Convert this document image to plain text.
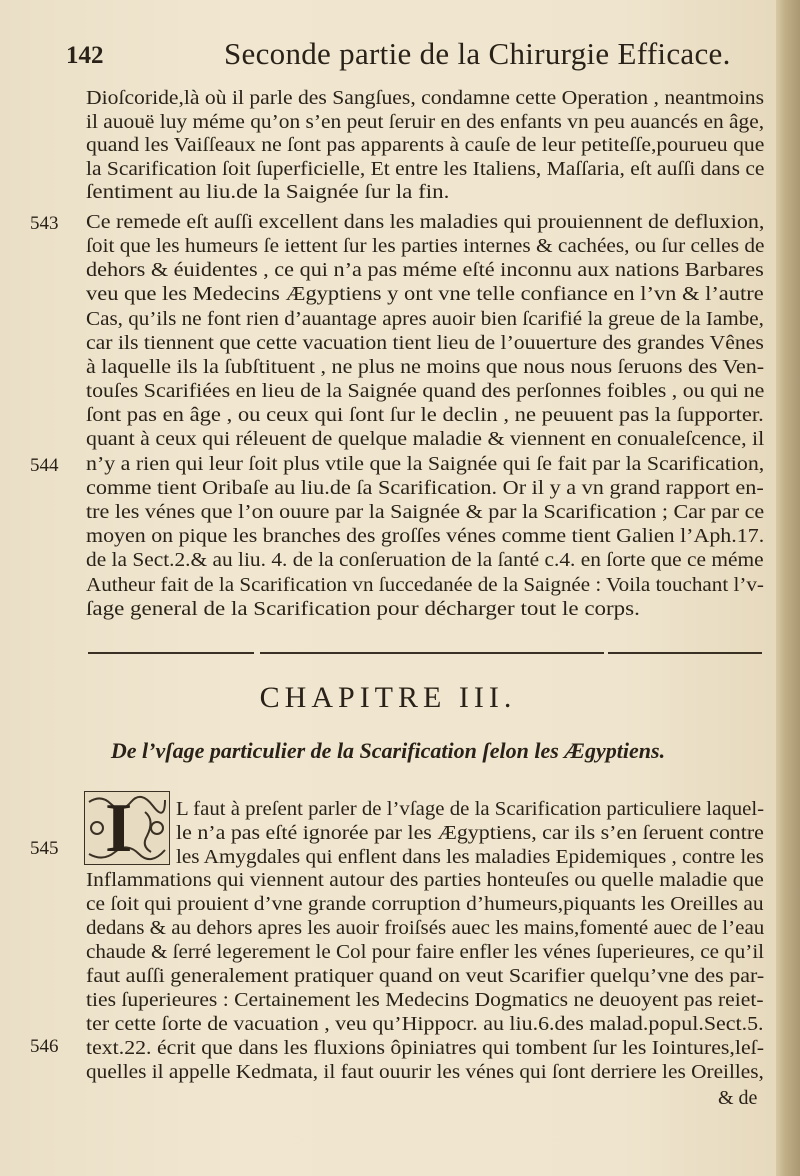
142	Seconde partie de la Chirurgie Efficace.
Dioſcoride,là où il parle des Sangſues, condamne cette Operation , neantmoins
il auouë luy méme qu’on s’en peut ſeruir en des enfants vn peu auancés en âge,
quand les Vaiſſeaux ne ſont pas apparents à cauſe de leur petiteſſe,pourueu que
la Scarification ſoit ſuperficielle, Et entre les Italiens, Maſſaria, eſt auſſi dans ce
ſentiment au liu.de la Saignée ſur la fin.
Ce remede eſt auſſi excellent dans les maladies qui prouiennent de defluxion,
ſoit que les humeurs ſe iettent ſur les parties internes & cachées, ou ſur celles de
dehors & éuidentes , ce qui n’a pas méme eſté inconnu aux nations Barbares
veu que les Medecins Ægyptiens y ont vne telle confiance en l’vn & l’autre
Cas, qu’ils ne font rien d’auantage apres auoir bien ſcarifié la greue de la Iambe,
car ils tiennent que cette vacuation tient lieu de l’ouuerture des grandes Vênes
à laquelle ils la ſubſtituent , ne plus ne moins que nous nous ſeruons des Ven-
touſes Scarifiées en lieu de la Saignée quand des perſonnes foibles , ou qui ne
ſont pas en âge , ou ceux qui ſont ſur le declin , ne peuuent pas la ſupporter.
quant à ceux qui réleuent de quelque maladie & viennent en conualeſcence, il
n’y a rien qui leur ſoit plus vtile que la Saignée qui ſe fait par la Scarification,
comme tient Oribaſe au liu.de ſa Scarification. Or il y a vn grand rapport en-
tre les vénes que l’on ouure par la Saignée & par la Scarification ; Car par ce
moyen on pique les branches des groſſes vénes comme tient Galien l’Aph.17.
de la Sect.2.& au liu. 4. de la conſeruation de la ſanté c.4. en ſorte que ce méme
Autheur fait de la Scarification vn ſuccedanée de la Saignée : Voila touchant l’v-
ſage general de la Scarification pour décharger tout le corps.
543
544
545
546
CHAPITRE III.
De l’vſage particulier de la Scarification ſelon les Ægyptiens.
I L faut à preſent parler de l’vſage de la Scarification particuliere laquel-
le n’a pas eſté ignorée par les Ægyptiens, car ils s’en ſeruent contre
les Amygdales qui enflent dans les maladies Epidemiques , contre les
Inflammations qui viennent autour des parties honteuſes ou quelle maladie que
ce ſoit qui prouient d’vne grande corruption d’humeurs,piquants les Oreilles au
dedans & au dehors apres les auoir froiſsés auec les mains,fomenté auec de l’eau
chaude & ſerré legerement le Col pour faire enfler les vénes ſuperieures, ce qu’il
faut auſſi generalement pratiquer quand on veut Scarifier quelqu’vne des par-
ties ſuperieures : Certainement les Medecins Dogmatics ne deuoyent pas reiet-
ter cette ſorte de vacuation , veu qu’Hippocr. au liu.6.des malad.popul.Sect.5.
text.22. écrit que dans les fluxions ôpiniatres qui tombent ſur les Iointures,leſ-
quelles il appelle Kedmata, il faut ouurir les vénes qui ſont derriere les Oreilles,
& de
